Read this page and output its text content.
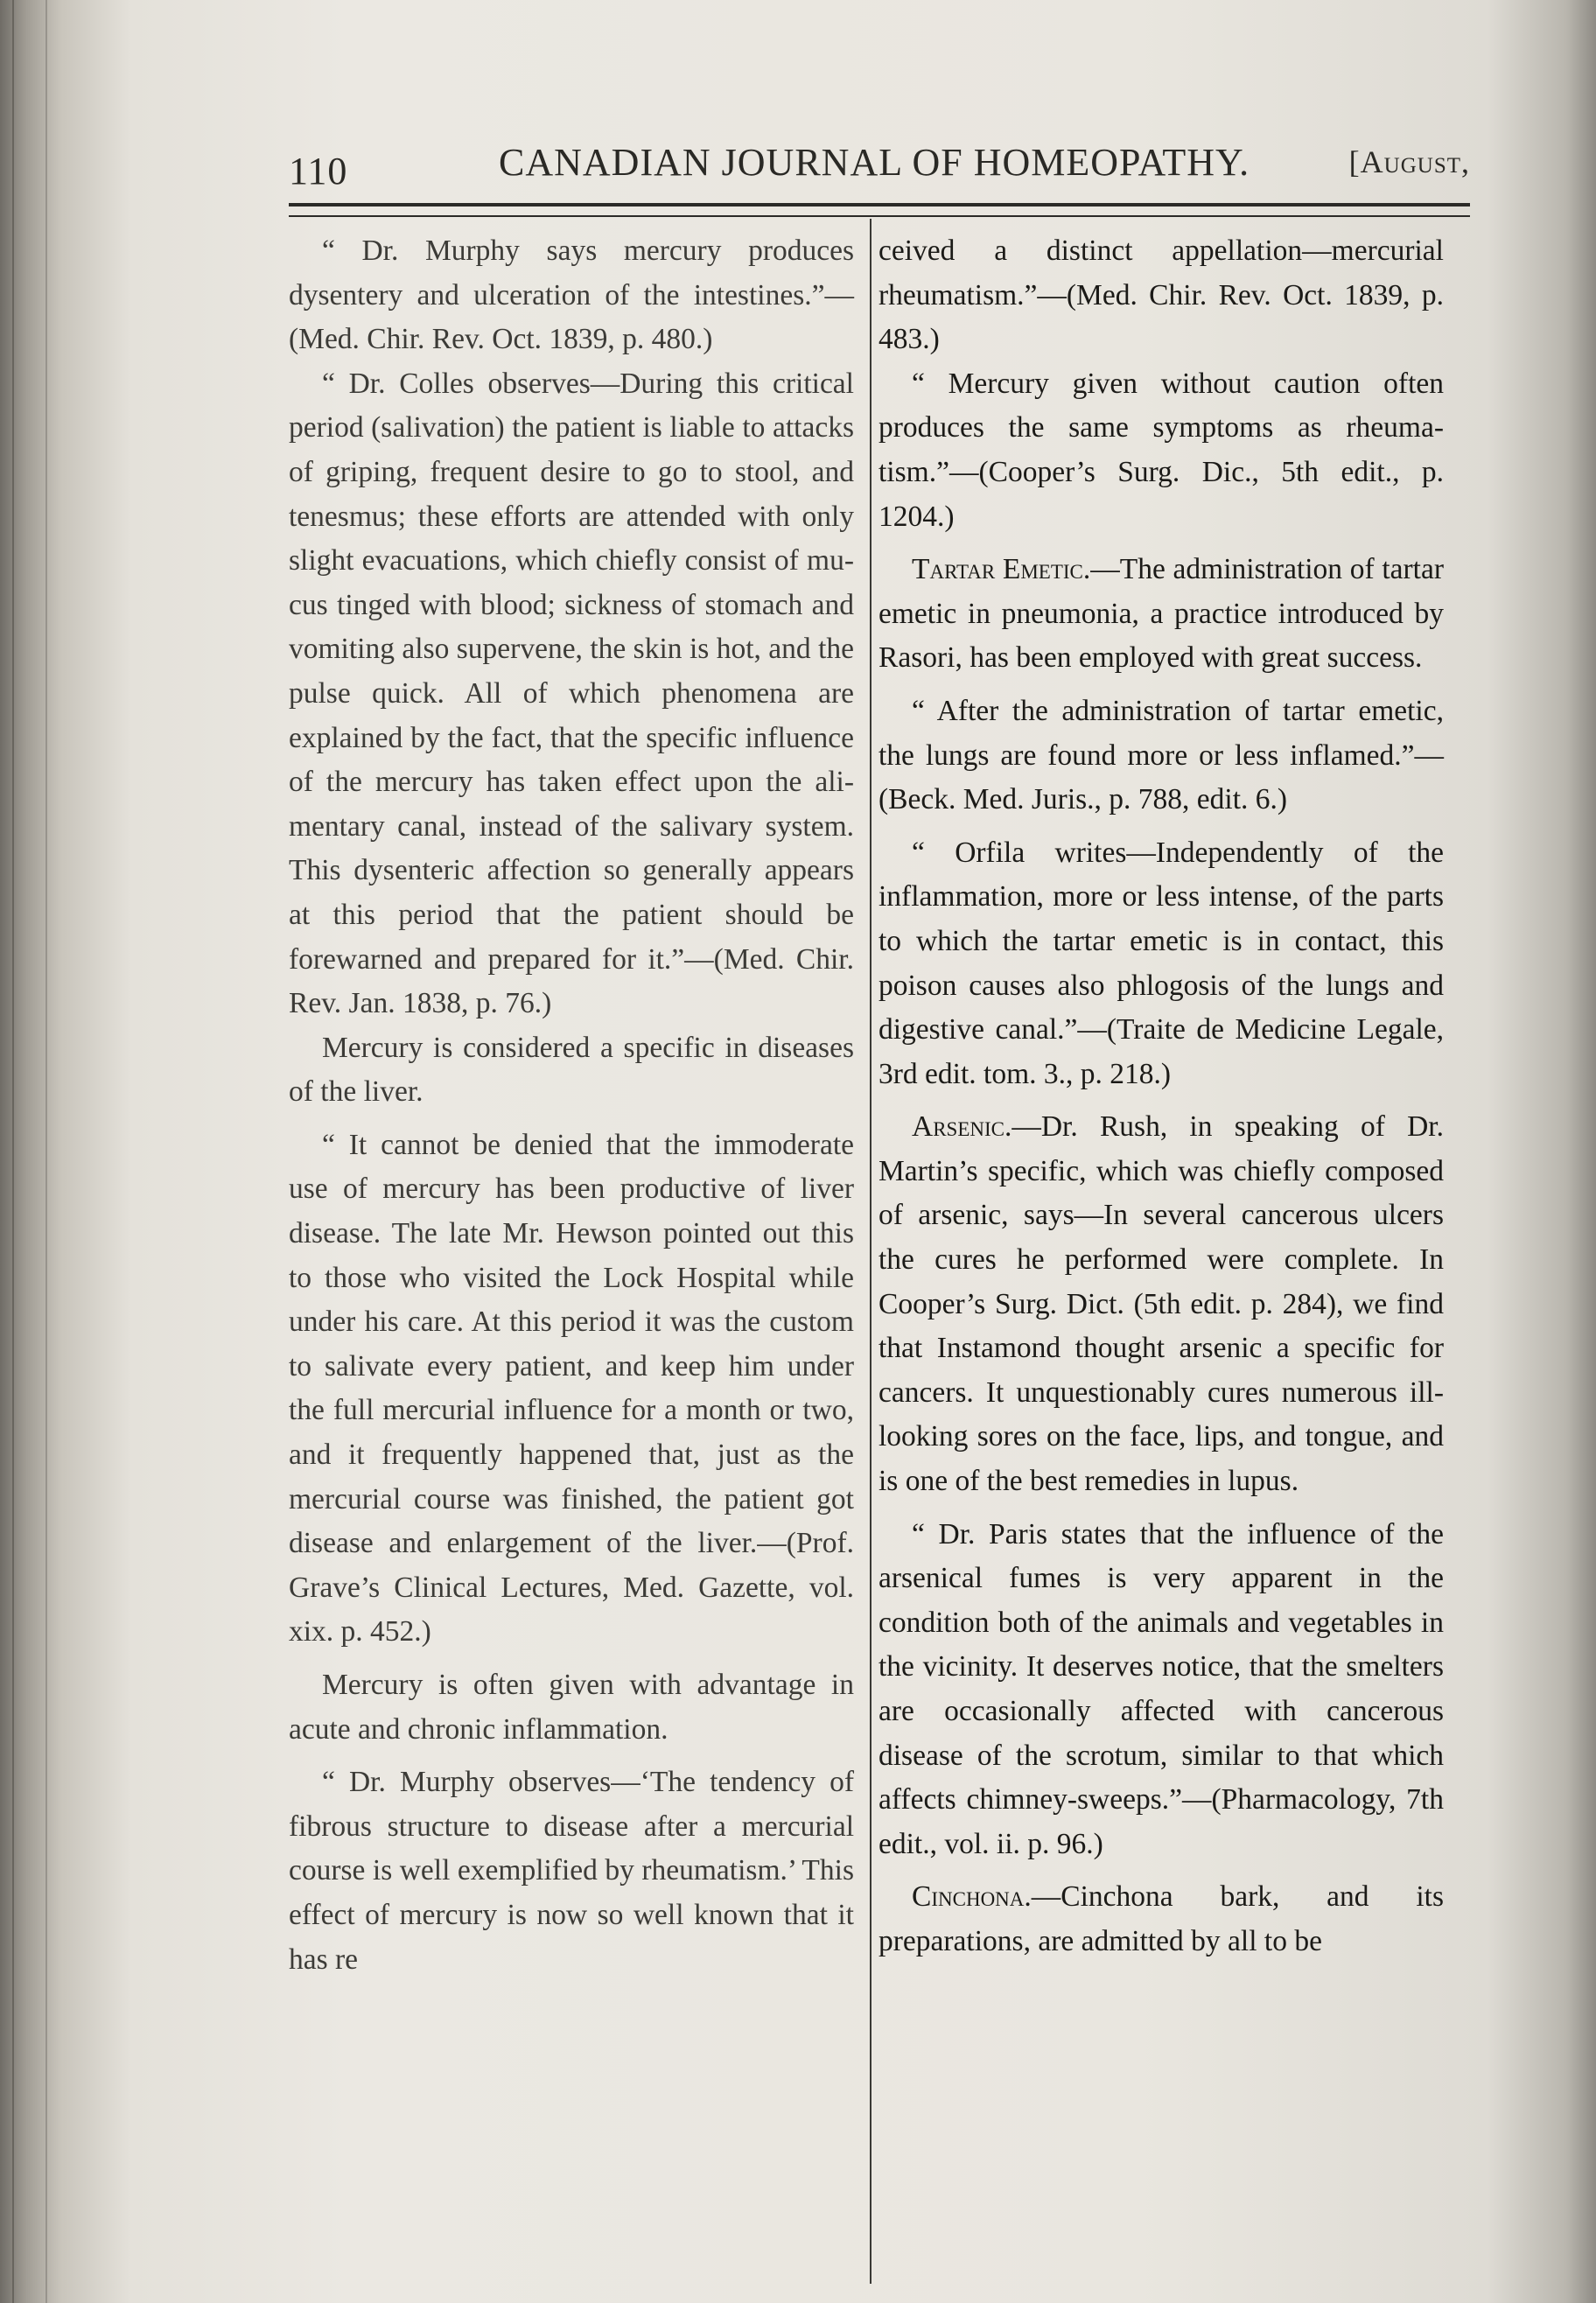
110	CANADIAN JOURNAL OF HOMEOPATHY.	[August,

“ Dr. Murphy says mercury produces dysentery and ulceration of the intestines.”—(Med. Chir. Rev. Oct. 1839, p. 480.)

“ Dr. Colles observes—During this critical period (salivation) the patient is liable to attacks of griping, frequent desire to go to stool, and tenesmus; these efforts are attended with only slight evacuations, which chiefly consist of mucus tinged with blood; sickness of stomach and vomiting also supervene, the skin is hot, and the pulse quick. All of which phenomena are explained by the fact, that the specific influence of the mercury has taken effect upon the alimentary canal, instead of the salivary system. This dysenteric affection so generally appears at this period that the patient should be forewarned and prepared for it.”—(Med. Chir. Rev. Jan. 1838, p. 76.)

Mercury is considered a specific in diseases of the liver.

“ It cannot be denied that the immoderate use of mercury has been productive of liver disease. The late Mr. Hewson pointed out this to those who visited the Lock Hospital while under his care. At this period it was the custom to salivate every patient, and keep him under the full mercurial influence for a month or two, and it frequently happened that, just as the mercurial course was finished, the patient got disease and enlargement of the liver.—(Prof. Grave’s Clinical Lectures, Med. Gazette, vol. xix. p. 452.)

Mercury is often given with advantage in acute and chronic inflammation.

“ Dr. Murphy observes—‘The tendency of fibrous structure to disease after a mercurial course is well exemplified by rheumatism.’ This effect of mercury is now so well known that it has re

ceived a distinct appellation—mercurial rheumatism.”—(Med. Chir. Rev. Oct. 1839, p. 483.)

“ Mercury given without caution often produces the same symptoms as rheumatism.”—(Cooper’s Surg. Dic., 5th edit., p. 1204.)

Tartar Emetic.—The administration of tartar emetic in pneumonia, a practice introduced by Rasori, has been employed with great success.

“ After the administration of tartar emetic, the lungs are found more or less inflamed.”—(Beck. Med. Juris., p. 788, edit. 6.)

“ Orfila writes—Independently of the inflammation, more or less intense, of the parts to which the tartar emetic is in contact, this poison causes also phlogosis of the lungs and digestive canal.”—(Traite de Medicine Legale, 3rd edit. tom. 3., p. 218.)

Arsenic.—Dr. Rush, in speaking of Dr. Martin’s specific, which was chiefly composed of arsenic, says—In several cancerous ulcers the cures he performed were complete. In Cooper’s Surg. Dict. (5th edit. p. 284), we find that Instamond thought arsenic a specific for cancers. It unquestionably cures numerous ill-looking sores on the face, lips, and tongue, and is one of the best remedies in lupus.

“ Dr. Paris states that the influence of the arsenical fumes is very apparent in the condition both of the animals and vegetables in the vicinity. It deserves notice, that the smelters are occasionally affected with cancerous disease of the scrotum, similar to that which affects chimney-sweeps.”—(Pharmacology, 7th edit., vol. ii. p. 96.)

Cinchona.—Cinchona bark, and its preparations, are admitted by all to be
